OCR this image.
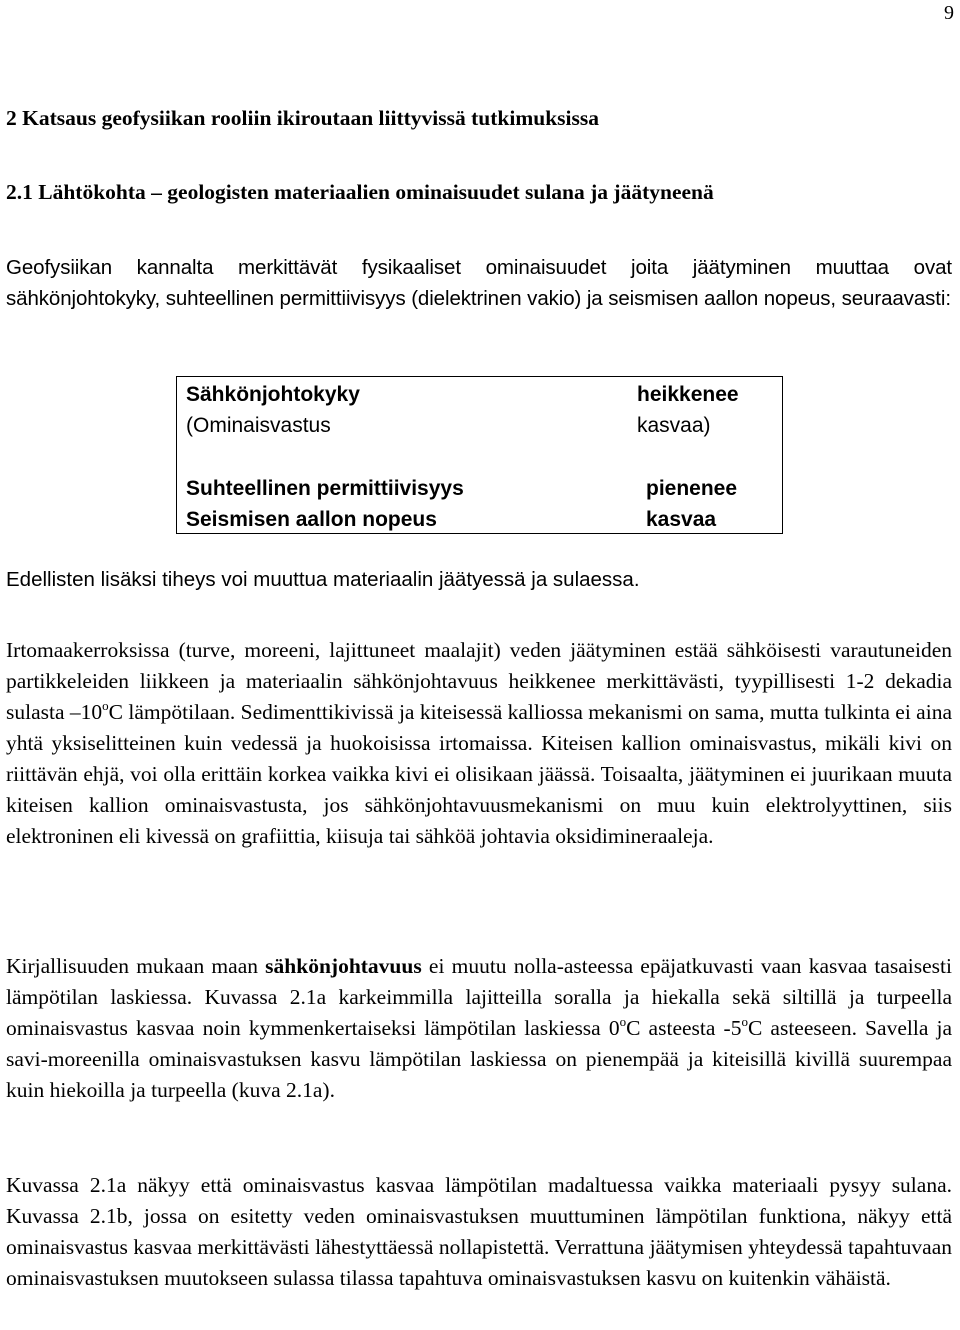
9
2 Katsaus geofysiikan rooliin ikiroutaan liittyvissä tutkimuksissa
2.1 Lähtökohta – geologisten materiaalien ominaisuudet sulana ja jäätyneenä
Geofysiikan kannalta merkittävät fysikaaliset ominaisuudet joita jäätyminen muuttaa ovat sähkönjohtokyky, suhteellinen permittiivisyys (dielektrinen vakio) ja seismisen aallon nopeus, seuraavasti:
Sähkönjohtokyky	heikkenee
(Ominaisvastus	kasvaa)
Suhteellinen permittiivisyys	pienenee
Seismisen aallon nopeus	kasvaa
Edellisten lisäksi tiheys voi muuttua materiaalin jäätyessä ja sulaessa.
Irtomaakerroksissa (turve, moreeni, lajittuneet maalajit) veden jäätyminen estää sähköisesti varautuneiden partikkeleiden liikkeen ja materiaalin sähkönjohtavuus heikkenee merkittävästi, tyypillisesti 1-2 dekadia sulasta –10$^o$C lämpötilaan. Sedimenttikivissä ja kiteisessä kalliossa mekanismi on sama, mutta tulkinta ei aina yhtä yksiselitteinen kuin vedessä ja huokoisissa irtomaissa. Kiteisen kallion ominaisvastus, mikäli kivi on riittävän ehjä, voi olla erittäin korkea vaikka kivi ei olisikaan jäässä. Toisaalta, jäätyminen ei juurikaan muuta kiteisen kallion ominaisvastusta, jos sähkönjohtavuusmekanismi on muu kuin elektrolyyttinen, siis elektroninen eli kivessä on grafiittia, kiisuja tai sähköä johtavia oksidimineraaleja.
Kirjallisuuden mukaan maan sähkönjohtavuus ei muutu nolla-asteessa epäjatkuvasti vaan kasvaa tasaisesti lämpötilan laskiessa. Kuvassa 2.1a karkeimmilla lajitteilla soralla ja hiekalla sekä siltillä ja turpeella ominaisvastus kasvaa noin kymmenkertaiseksi lämpötilan laskiessa 0$^o$C asteesta -5$^o$C asteeseen. Savella ja savi-moreenilla ominaisvastuksen kasvu lämpötilan laskiessa on pienempää ja kiteisillä kivillä suurempaa kuin hiekoilla ja turpeella (kuva 2.1a).
Kuvassa 2.1a näkyy että ominaisvastus kasvaa lämpötilan madaltuessa vaikka materiaali pysyy sulana. Kuvassa 2.1b, jossa on esitetty veden ominaisvastuksen muuttuminen lämpötilan funktiona, näkyy että ominaisvastus kasvaa merkittävästi lähestyttäessä nollapistettä. Verrattuna jäätymisen yhteydessä tapahtuvaan ominaisvastuksen muutokseen sulassa tilassa tapahtuva ominaisvastuksen kasvu on kuitenkin vähäistä.
